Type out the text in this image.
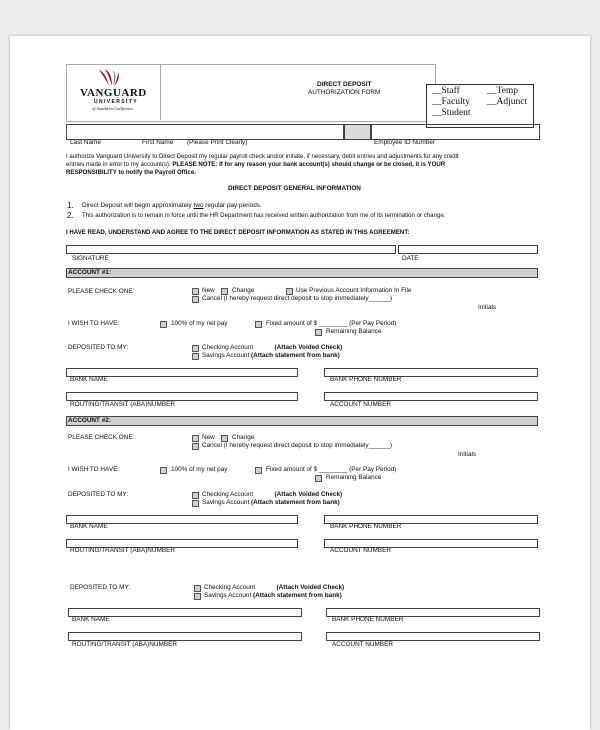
VANGUARD
UNIVERSITY
of Southern California
DIRECT DEPOSIT
AUTHORIZATION FORM	__Staff	__Temp
__Faculty __Adjunct
__Student
Last Name	First Name (Please Print Clearly)	Employee ID Number
I authorize Vanguard University to Direct Deposit my regular payroll check and/or initiate, if necessary, debit entries and adjustments for any credit
entries made in error to my account(s). PLEASE NOTE: If for any reason your bank account(s) should change or be closed, it is YOUR
RESPONSIBILITY to notify the Payroll Office.
DIRECT DEPOSIT GENERAL INFORMATION
1. Direct Deposit will begin approximately two regular pay periods.
2. This authorization is to remain in force until the HR Department has received written authorization from me of its termination or change.
I HAVE READ, UNDERSTAND AND AGREE TO THE DIRECT DEPOSIT INFORMATION AS STATED IN THIS AGREEMENT:
SIGNATURE	DATE
ACCOUNT #1:
PLEASE CHECK ONE:	New	Change	Use Previous Account Information In File
Cancel (I hereby request direct deposit to stop immediately______)
Initials
I WISH TO HAVE:	100% of my net pay	Fixed amount of $ ________ (Per Pay Period)
Remaining Balance
DEPOSITED TO MY:	Checking Account	(Attach Voided Check)
Savings Account (Attach statement from bank)
BANK NAME	BANK PHONE NUMBER
ROUTING/TRANSIT (ABA)NUMBER	ACCOUNT NUMBER
ACCOUNT #2:
PLEASE CHECK ONE:	New	Change
Cancel (I hereby request direct deposit to stop immediately______)
Initials
I WISH TO HAVE:	100% of my net pay	Fixed amount of $ ________ (Per Pay Period)
Remaining Balance
DEPOSITED TO MY:	Checking Account	(Attach Voided Check)
Savings Account (Attach statement from bank)
BANK NAME	BANK PHONE NUMBER
ROUTING/TRANSIT (ABA)NUMBER	ACCOUNT NUMBER
DEPOSITED TO MY:	Checking Account	(Attach Voided Check)
Savings Account (Attach statement from bank)
BANK NAME	BANK PHONE NUMBER
ROUTING/TRANSIT (ABA)NUMBER	ACCOUNT NUMBER
